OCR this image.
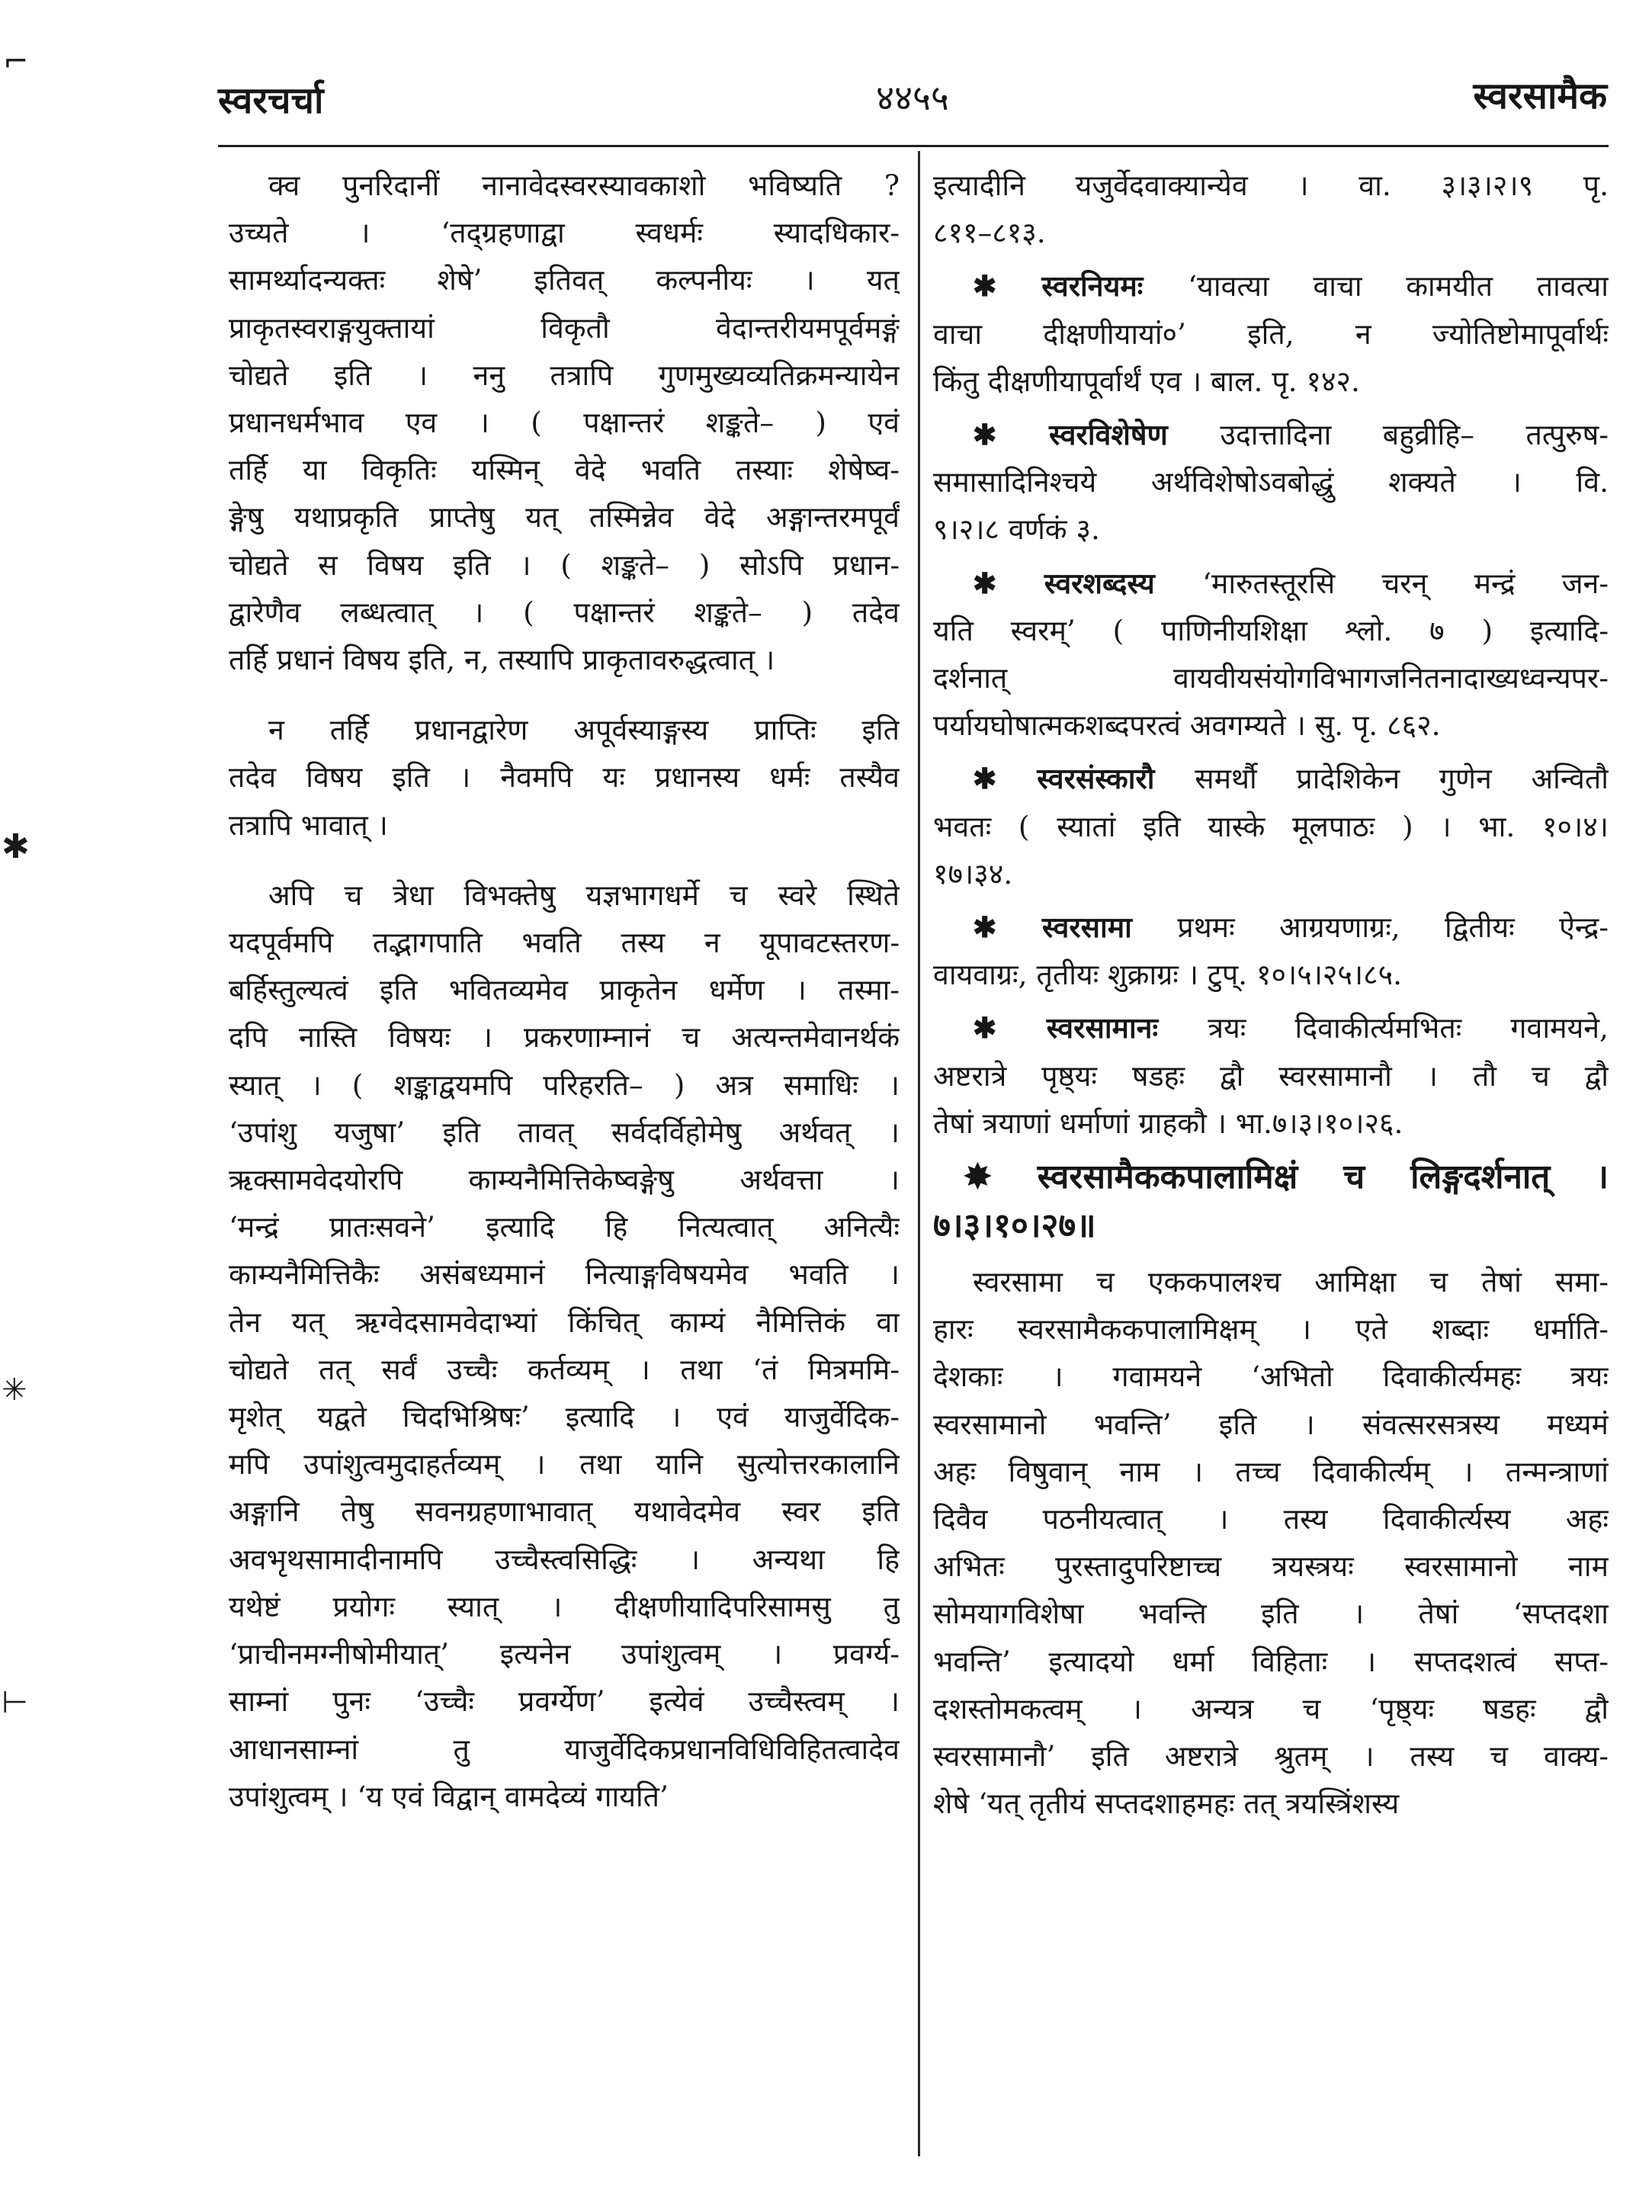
स्वरचर्चा	४४५५	स्वरसामैक
⌐
✱
✳
⊢
क्व पुनरिदानीं नानावेदस्वरस्यावकाशो भविष्यति ?
उच्यते । ‘तद्ग्रहणाद्वा स्वधर्मः स्यादधिकार-
सामर्थ्यादन्यक्तः शेषे’ इतिवत् कल्पनीयः । यत्
प्राकृतस्वराङ्गयुक्तायां विकृतौ वेदान्तरीयमपूर्वमङ्गं
चोद्यते इति । ननु तत्रापि गुणमुख्यव्यतिक्रमन्यायेन
प्रधानधर्मभाव एव । ( पक्षान्तरं शङ्कते– ) एवं
तर्हि या विकृतिः यस्मिन् वेदे भवति तस्याः शेषेष्व-
ङ्गेषु यथाप्रकृति प्राप्तेषु यत् तस्मिन्नेव वेदे अङ्गान्तरमपूर्वं
चोद्यते स विषय इति । ( शङ्कते– ) सोऽपि प्रधान-
द्वारेणैव लब्धत्वात् । ( पक्षान्तरं शङ्कते– ) तदेव
तर्हि प्रधानं विषय इति, न, तस्यापि प्राकृतावरुद्धत्वात् ।
न तर्हि प्रधानद्वारेण अपूर्वस्याङ्गस्य प्राप्तिः इति
तदेव विषय इति । नैवमपि यः प्रधानस्य धर्मः तस्यैव
तत्रापि भावात् ।
अपि च त्रेधा विभक्तेषु यज्ञभागधर्मे च स्वरे स्थिते
यदपूर्वमपि तद्भागपाति भवति तस्य न यूपावटस्तरण-
बर्हिस्तुल्यत्वं इति भवितव्यमेव प्राकृतेन धर्मेण । तस्मा-
दपि नास्ति विषयः । प्रकरणाम्नानं च अत्यन्तमेवानर्थकं
स्यात् । ( शङ्काद्वयमपि परिहरति– ) अत्र समाधिः ।
‘उपांशु यजुषा’ इति तावत् सर्वदर्विहोमेषु अर्थवत् ।
ऋक्सामवेदयोरपि काम्यनैमित्तिकेष्वङ्गेषु अर्थवत्ता ।
‘मन्द्रं प्रातःसवने’ इत्यादि हि नित्यत्वात् अनित्यैः
काम्यनैमित्तिकैः असंबध्यमानं नित्याङ्गविषयमेव भवति ।
तेन यत् ऋग्वेदसामवेदाभ्यां किंचित् काम्यं नैमित्तिकं वा
चोद्यते तत् सर्वं उच्चैः कर्तव्यम् । तथा ‘तं मित्रममि-
मृशेत् यद्वते चिदभिश्रिषः’ इत्यादि । एवं याजुर्वेदिक-
मपि उपांशुत्वमुदाहर्तव्यम् । तथा यानि सुत्योत्तरकालानि
अङ्गानि तेषु सवनग्रहणाभावात् यथावेदमेव स्वर इति
अवभृथसामादीनामपि उच्चैस्त्वसिद्धिः । अन्यथा हि
यथेष्टं प्रयोगः स्यात् । दीक्षणीयादिपरिसामसु तु
‘प्राचीनमग्नीषोमीयात्’ इत्यनेन उपांशुत्वम् । प्रवर्ग्य-
साम्नां पुनः ‘उच्चैः प्रवर्ग्येण’ इत्येवं उच्चैस्त्वम् ।
आधानसाम्नां तु याजुर्वेदिकप्रधानविधिविहितत्वादेव
उपांशुत्वम् । ‘य एवं विद्वान् वामदेव्यं गायति’
इत्यादीनि यजुर्वेदवाक्यान्येव । वा. ३।३।२।९ पृ.
८११–८१३.
✱ स्वरनियमः ‘यावत्या वाचा कामयीत तावत्या
वाचा दीक्षणीयायां०’ इति, न ज्योतिष्टोमापूर्वार्थः
किंतु दीक्षणीयापूर्वार्थं एव । बाल. पृ. १४२.
✱ स्वरविशेषेण उदात्तादिना बहुव्रीहि– तत्पुरुष-
समासादिनिश्चये अर्थविशेषोऽवबोद्धुं शक्यते । वि.
९।२।८ वर्णकं ३.
✱ स्वरशब्दस्य ‘मारुतस्तूरसि चरन् मन्द्रं जन-
यति स्वरम्’ ( पाणिनीयशिक्षा श्लो. ७ ) इत्यादि-
दर्शनात् वायवीयसंयोगविभागजनितनादाख्यध्वन्यपर-
पर्यायघोषात्मकशब्दपरत्वं अवगम्यते । सु. पृ. ८६२.
✱ स्वरसंस्कारौ समर्थौ प्रादेशिकेन गुणेन अन्वितौ
भवतः ( स्यातां इति यास्के मूलपाठः ) । भा. १०।४।
१७।३४.
✱ स्वरसामा प्रथमः आग्रयणाग्रः, द्वितीयः ऐन्द्र-
वायवाग्रः, तृतीयः शुक्राग्रः । टुप्. १०।५।२५।८५.
✱ स्वरसामानः त्रयः दिवाकीर्त्यमभितः गवामयने,
अष्टरात्रे पृष्ठ्यः षडहः द्वौ स्वरसामानौ । तौ च द्वौ
तेषां त्रयाणां धर्माणां ग्राहकौ । भा.७।३।१०।२६.
✸ स्वरसामैककपालामिक्षं च लिङ्गदर्शनात् ।
७।३।१०।२७॥
स्वरसामा च एककपालश्च आमिक्षा च तेषां समा-
हारः स्वरसामैककपालामिक्षम् । एते शब्दाः धर्माति-
देशकाः । गवामयने ‘अभितो दिवाकीर्त्यमहः त्रयः
स्वरसामानो भवन्ति’ इति । संवत्सरसत्रस्य मध्यमं
अहः विषुवान् नाम । तच्च दिवाकीर्त्यम् । तन्मन्त्राणां
दिवैव पठनीयत्वात् । तस्य दिवाकीर्त्यस्य अहः
अभितः पुरस्तादुपरिष्टाच्च त्रयस्त्रयः स्वरसामानो नाम
सोमयागविशेषा भवन्ति इति । तेषां ‘सप्तदशा
भवन्ति’ इत्यादयो धर्मा विहिताः । सप्तदशत्वं सप्त-
दशस्तोमकत्वम् । अन्यत्र च ‘पृष्ठ्यः षडहः द्वौ
स्वरसामानौ’ इति अष्टरात्रे श्रुतम् । तस्य च वाक्य-
शेषे ‘यत् तृतीयं सप्तदशाहमहः तत् त्रयस्त्रिंशस्य
